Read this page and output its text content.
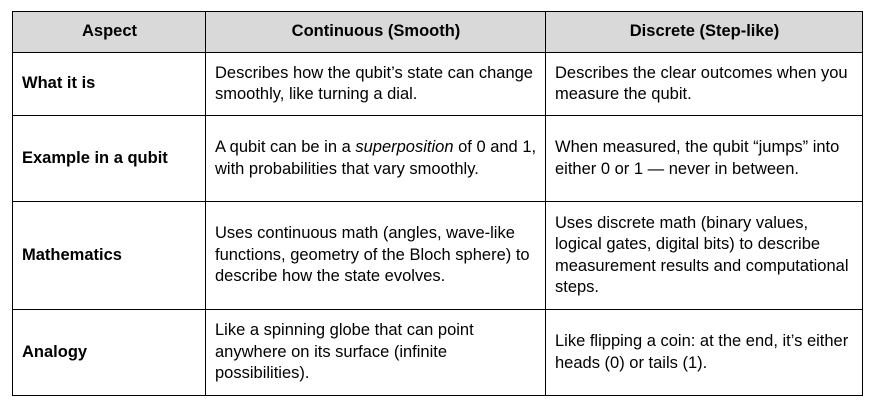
Aspect	Continuous (Smooth)	Discrete (Step-like)
What it is	Describes how the qubit’s state can change smoothly, like turning a dial.	Describes the clear outcomes when you measure the qubit.
Example in a qubit	A qubit can be in a superposition of 0 and 1, with probabilities that vary smoothly.	When measured, the qubit “jumps” into either 0 or 1 — never in between.
Mathematics	Uses continuous math (angles, wave-like functions, geometry of the Bloch sphere) to describe how the state evolves.	Uses discrete math (binary values, logical gates, digital bits) to describe measurement results and computational steps.
Analogy	Like a spinning globe that can point anywhere on its surface (infinite possibilities).	Like flipping a coin: at the end, it’s either heads (0) or tails (1).
